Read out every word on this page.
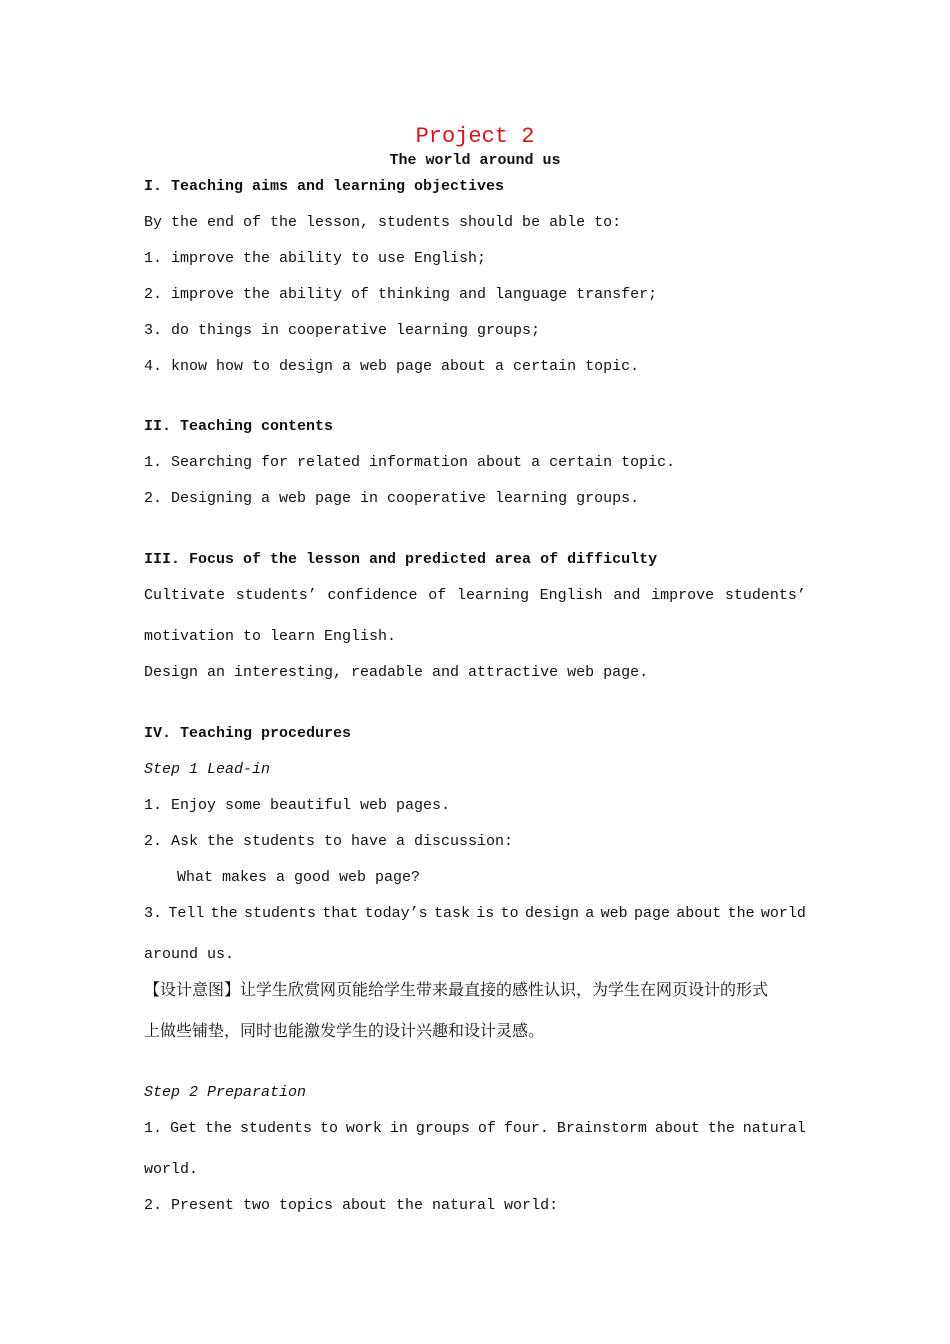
Project 2
The world around us
I. Teaching aims and learning objectives
By the end of the lesson, students should be able to:
1. improve the ability to use English;
2. improve the ability of thinking and language transfer;
3. do things in cooperative learning groups;
4. know how to design a web page about a certain topic.
II. Teaching contents
1. Searching for related information about a certain topic.
2. Designing a web page in cooperative learning groups.
III. Focus of the lesson and predicted area of difficulty
Cultivate students’ confidence of learning English and improve students’
motivation to learn English.
Design an interesting, readable and attractive web page.
IV. Teaching procedures
Step 1 Lead-in
1. Enjoy some beautiful web pages.
2. Ask the students to have a discussion:
What makes a good web page?
3. Tell the students that today’s task is to design a web page about the world
around us.
【设计意图】让学生欣赏网页能给学生带来最直接的感性认识，为学生在网页设计的形式
上做些铺垫，同时也能激发学生的设计兴趣和设计灵感。
Step 2 Preparation
1. Get the students to work in groups of four. Brainstorm about the natural
world.
2. Present two topics about the natural world:
